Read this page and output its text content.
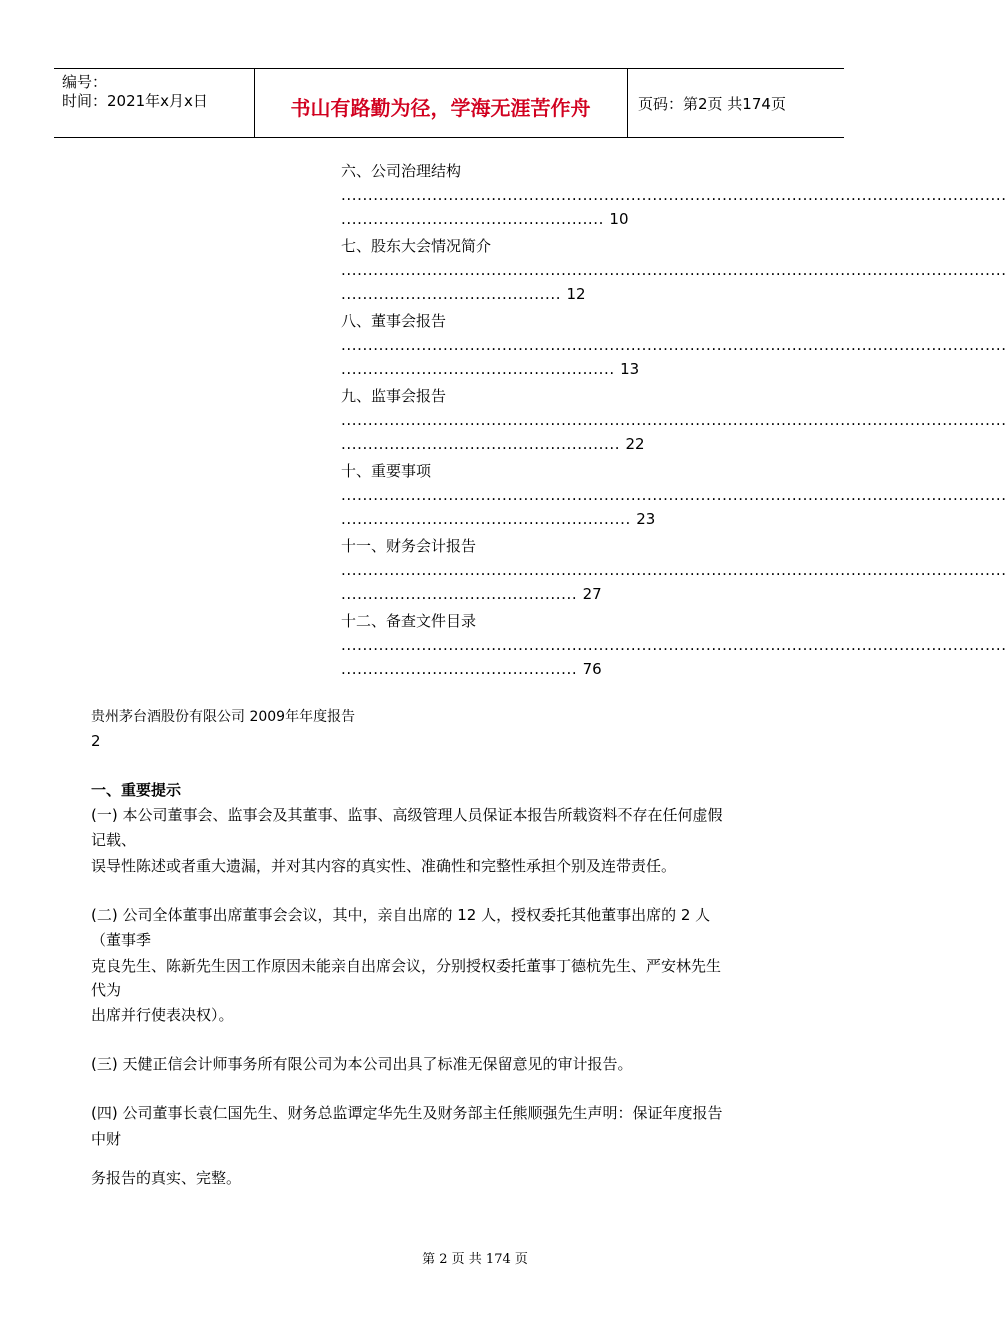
编号：
时间：2021年x月x日	书山有路勤为径，学海无涯苦作舟	页码：第2页 共174页
六、公司治理结构
............................................................................................................................
................................................. 10
七、股东大会情况简介
............................................................................................................................
......................................... 12
八、董事会报告
............................................................................................................................
................................................... 13
九、监事会报告
............................................................................................................................
.................................................... 22
十、重要事项
............................................................................................................................
...................................................... 23
十一、财务会计报告
............................................................................................................................
............................................ 27
十二、备查文件目录
............................................................................................................................
............................................ 76
贵州茅台酒股份有限公司 2009年年度报告
2
一、重要提示
(一) 本公司董事会、监事会及其董事、监事、高级管理人员保证本报告所载资料不存在任何虚假
记载、
误导性陈述或者重大遗漏，并对其内容的真实性、准确性和完整性承担个别及连带责任。
(二) 公司全体董事出席董事会会议，其中，亲自出席的 12 人，授权委托其他董事出席的 2 人
（董事季
克良先生、陈新先生因工作原因未能亲自出席会议，分别授权委托董事丁德杭先生、严安林先生
代为
出席并行使表决权）。
(三) 天健正信会计师事务所有限公司为本公司出具了标准无保留意见的审计报告。
(四) 公司董事长袁仁国先生、财务总监谭定华先生及财务部主任熊顺强先生声明：保证年度报告
中财
务报告的真实、完整。
第 2 页 共 174 页
